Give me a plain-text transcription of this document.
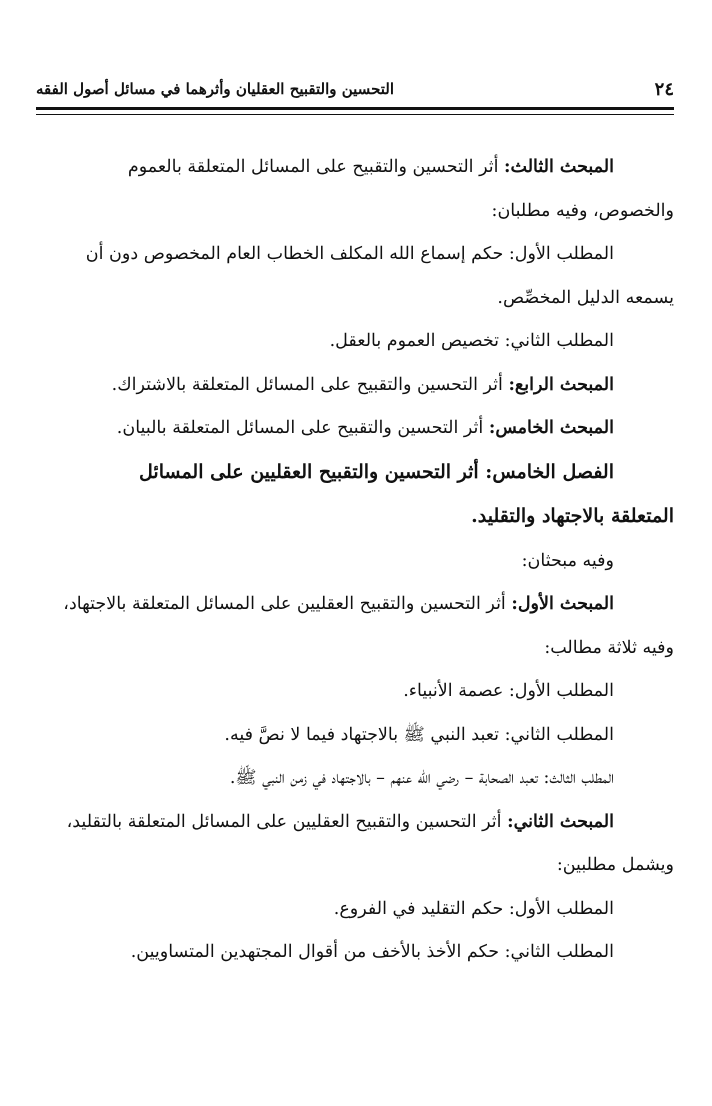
٢٤
التحسين والتقبيح العقليان وأثرهما في مسائل أصول الفقه

المبحث الثالث: أثر التحسين والتقبيح على المسائل المتعلقة بالعموم

والخصوص، وفيه مطلبان:

المطلب الأول: حكم إسماع الله المكلف الخطاب العام المخصوص دون أن

يسمعه الدليل المخصِّص.

المطلب الثاني: تخصيص العموم بالعقل.

المبحث الرابع: أثر التحسين والتقبيح على المسائل المتعلقة بالاشتراك.

المبحث الخامس: أثر التحسين والتقبيح على المسائل المتعلقة بالبيان.

الفصل الخامس: أثر التحسين والتقبيح العقليين على المسائل

المتعلقة بالاجتهاد والتقليد.

وفيه مبحثان:

المبحث الأول: أثر التحسين والتقبيح العقليين على المسائل المتعلقة بالاجتهاد،

وفيه ثلاثة مطالب:

المطلب الأول: عصمة الأنبياء.

المطلب الثاني: تعبد النبي ﷺ بالاجتهاد فيما لا نصَّ فيه.

المطلب الثالث: تعبد الصحابة – رضي الله عنهم – بالاجتهاد في زمن النبي ﷺ.

المبحث الثاني: أثر التحسين والتقبيح العقليين على المسائل المتعلقة بالتقليد،

ويشمل مطلبين:

المطلب الأول: حكم التقليد في الفروع.

المطلب الثاني: حكم الأخذ بالأخف من أقوال المجتهدين المتساويين.
